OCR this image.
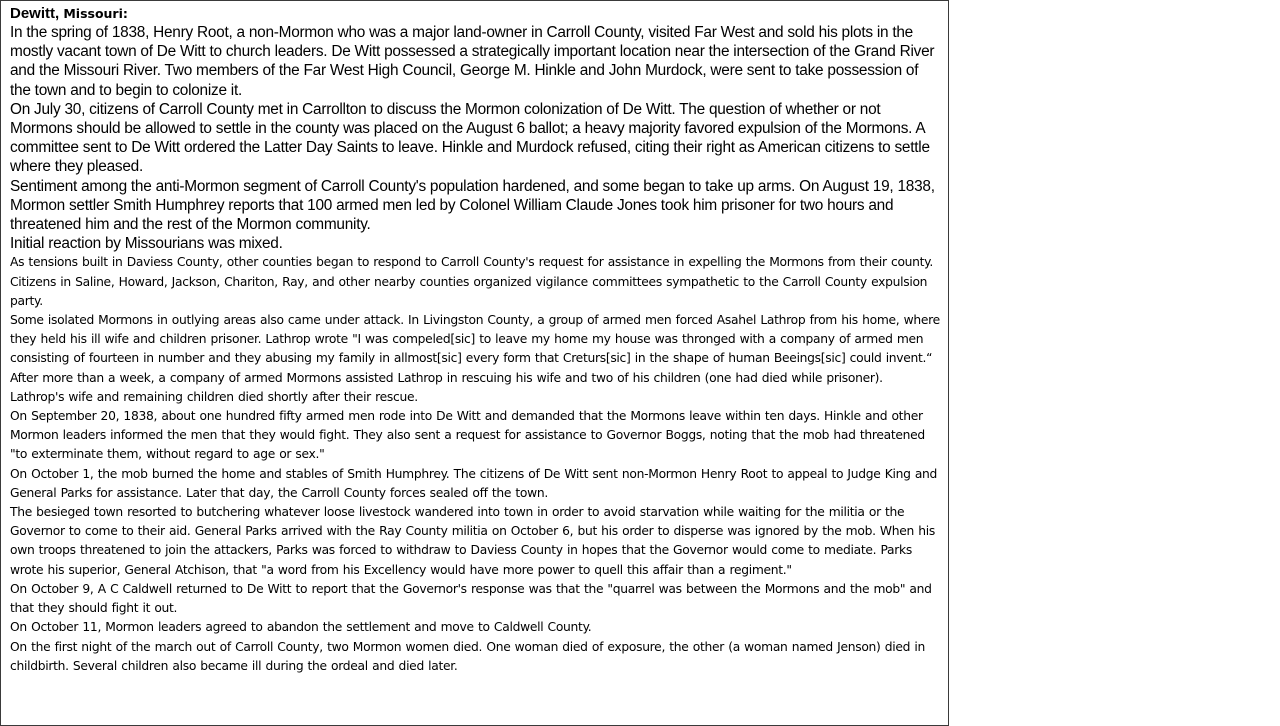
Dewitt, Missouri:

In the spring of 1838, Henry Root, a non-Mormon who was a major land-owner in Carroll County, visited Far West and sold his plots in the mostly vacant town of De Witt to church leaders. De Witt possessed a strategically important location near the intersection of the Grand River and the Missouri River. Two members of the Far West High Council, George M. Hinkle and John Murdock, were sent to take possession of the town and to begin to colonize it.

On July 30, citizens of Carroll County met in Carrollton to discuss the Mormon colonization of De Witt. The question of whether or not Mormons should be allowed to settle in the county was placed on the August 6 ballot; a heavy majority favored expulsion of the Mormons. A committee sent to De Witt ordered the Latter Day Saints to leave. Hinkle and Murdock refused, citing their right as American citizens to settle where they pleased.

Sentiment among the anti-Mormon segment of Carroll County's population hardened, and some began to take up arms. On August 19, 1838, Mormon settler Smith Humphrey reports that 100 armed men led by Colonel William Claude Jones took him prisoner for two hours and threatened him and the rest of the Mormon community.

Initial reaction by Missourians was mixed.

As tensions built in Daviess County, other counties began to respond to Carroll County's request for assistance in expelling the Mormons from their county. Citizens in Saline, Howard, Jackson, Chariton, Ray, and other nearby counties organized vigilance committees sympathetic to the Carroll County expulsion party.

Some isolated Mormons in outlying areas also came under attack. In Livingston County, a group of armed men forced Asahel Lathrop from his home, where they held his ill wife and children prisoner. Lathrop wrote "I was compeled[sic] to leave my home my house was thronged with a company of armed men consisting of fourteen in number and they abusing my family in allmost[sic] every form that Creturs[sic] in the shape of human Beeings[sic] could invent.“ After more than a week, a company of armed Mormons assisted Lathrop in rescuing his wife and two of his children (one had died while prisoner). Lathrop's wife and remaining children died shortly after their rescue.

On September 20, 1838, about one hundred fifty armed men rode into De Witt and demanded that the Mormons leave within ten days. Hinkle and other Mormon leaders informed the men that they would fight. They also sent a request for assistance to Governor Boggs, noting that the mob had threatened "to exterminate them, without regard to age or sex."

On October 1, the mob burned the home and stables of Smith Humphrey. The citizens of De Witt sent non-Mormon Henry Root to appeal to Judge King and General Parks for assistance. Later that day, the Carroll County forces sealed off the town.

The besieged town resorted to butchering whatever loose livestock wandered into town in order to avoid starvation while waiting for the militia or the Governor to come to their aid. General Parks arrived with the Ray County militia on October 6, but his order to disperse was ignored by the mob. When his own troops threatened to join the attackers, Parks was forced to withdraw to Daviess County in hopes that the Governor would come to mediate. Parks wrote his superior, General Atchison, that "a word from his Excellency would have more power to quell this affair than a regiment."

On October 9, A C Caldwell returned to De Witt to report that the Governor's response was that the "quarrel was between the Mormons and the mob" and that they should fight it out.

On October 11, Mormon leaders agreed to abandon the settlement and move to Caldwell County.

On the first night of the march out of Carroll County, two Mormon women died. One woman died of exposure, the other (a woman named Jenson) died in childbirth. Several children also became ill during the ordeal and died later.
